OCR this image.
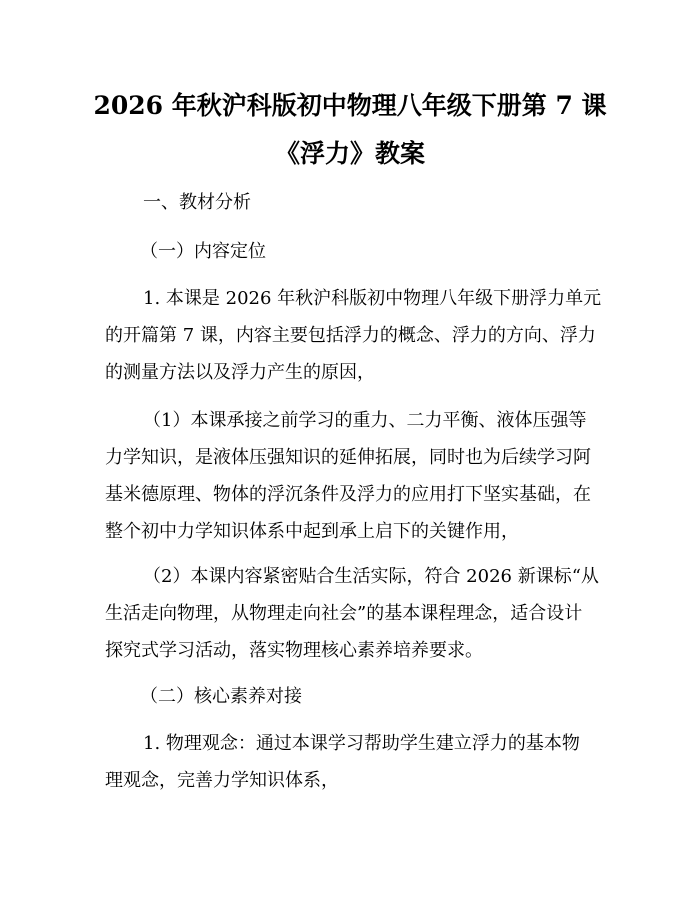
2026 年秋沪科版初中物理八年级下册第 7 课
《浮力》教案
一、教材分析
（一）内容定位
1. 本课是 2026 年秋沪科版初中物理八年级下册浮力单元
的开篇第 7 课，内容主要包括浮力的概念、浮力的方向、浮力
的测量方法以及浮力产生的原因，
（1）本课承接之前学习的重力、二力平衡、液体压强等
力学知识，是液体压强知识的延伸拓展，同时也为后续学习阿
基米德原理、物体的浮沉条件及浮力的应用打下坚实基础，在
整个初中力学知识体系中起到承上启下的关键作用，
（2）本课内容紧密贴合生活实际，符合 2026 新课标“从
生活走向物理，从物理走向社会”的基本课程理念，适合设计
探究式学习活动，落实物理核心素养培养要求。
（二）核心素养对接
1. 物理观念：通过本课学习帮助学生建立浮力的基本物
理观念，完善力学知识体系，
